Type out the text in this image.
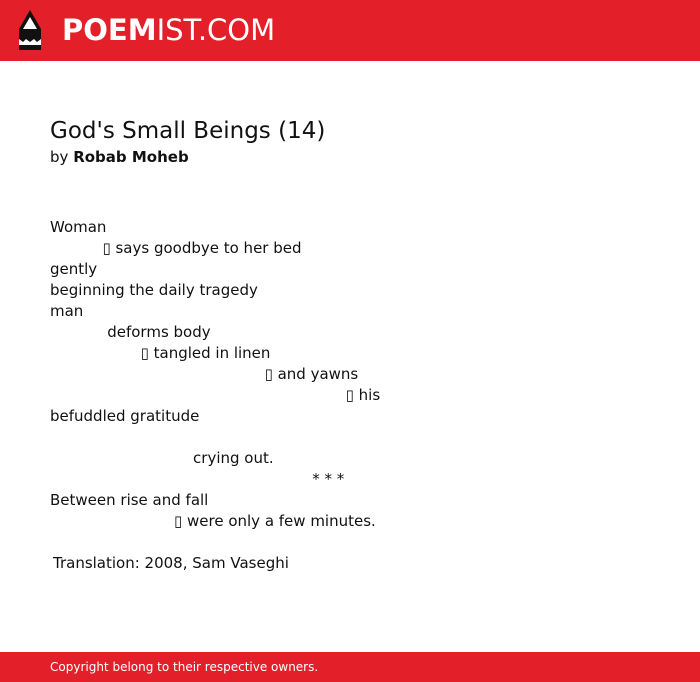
POEMIST.COM
God's Small Beings (14)
by Robab Moheb
Woman
▯ says goodbye to her bed
gently
beginning the daily tragedy
man
deforms body
▯ tangled in linen
▯ and yawns
▯ his
befuddled gratitude
crying out.
* * *
Between rise and fall
▯ were only a few minutes.
Translation: 2008, Sam Vaseghi
Copyright belong to their respective owners.
